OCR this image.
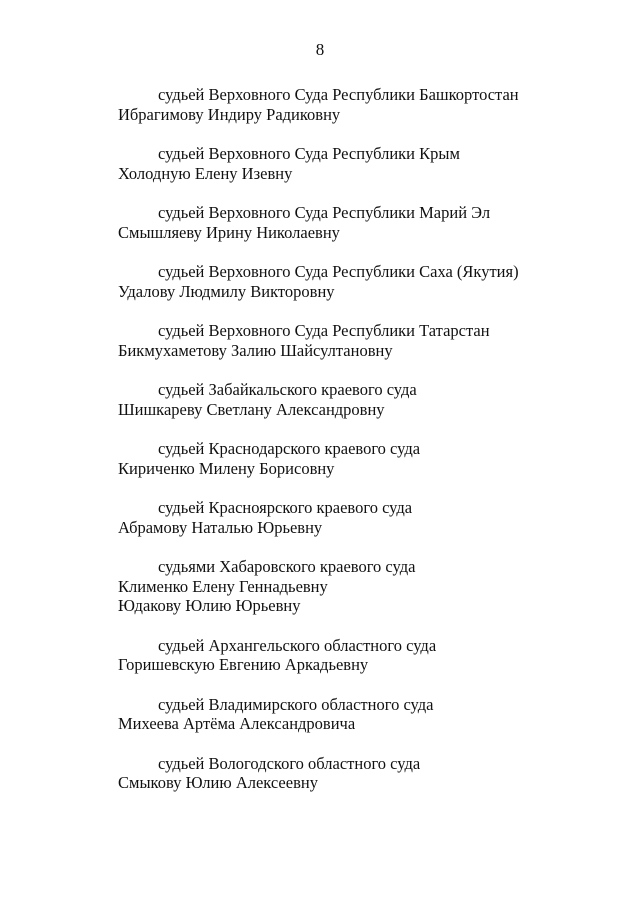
8
судьей Верховного Суда Республики Башкортостан
Ибрагимову Индиру Радиковну
судьей Верховного Суда Республики Крым
Холодную Елену Изевну
судьей Верховного Суда Республики Марий Эл
Смышляеву Ирину Николаевну
судьей Верховного Суда Республики Саха (Якутия)
Удалову Людмилу Викторовну
судьей Верховного Суда Республики Татарстан
Бикмухаметову Залию Шайсултановну
судьей Забайкальского краевого суда
Шишкареву Светлану Александровну
судьей Краснодарского краевого суда
Кириченко Милену Борисовну
судьей Красноярского краевого суда
Абрамову Наталью Юрьевну
судьями Хабаровского краевого суда
Клименко Елену Геннадьевну
Юдакову Юлию Юрьевну
судьей Архангельского областного суда
Горишевскую Евгению Аркадьевну
судьей Владимирского областного суда
Михеева Артёма Александровича
судьей Вологодского областного суда
Смыкову Юлию Алексеевну
